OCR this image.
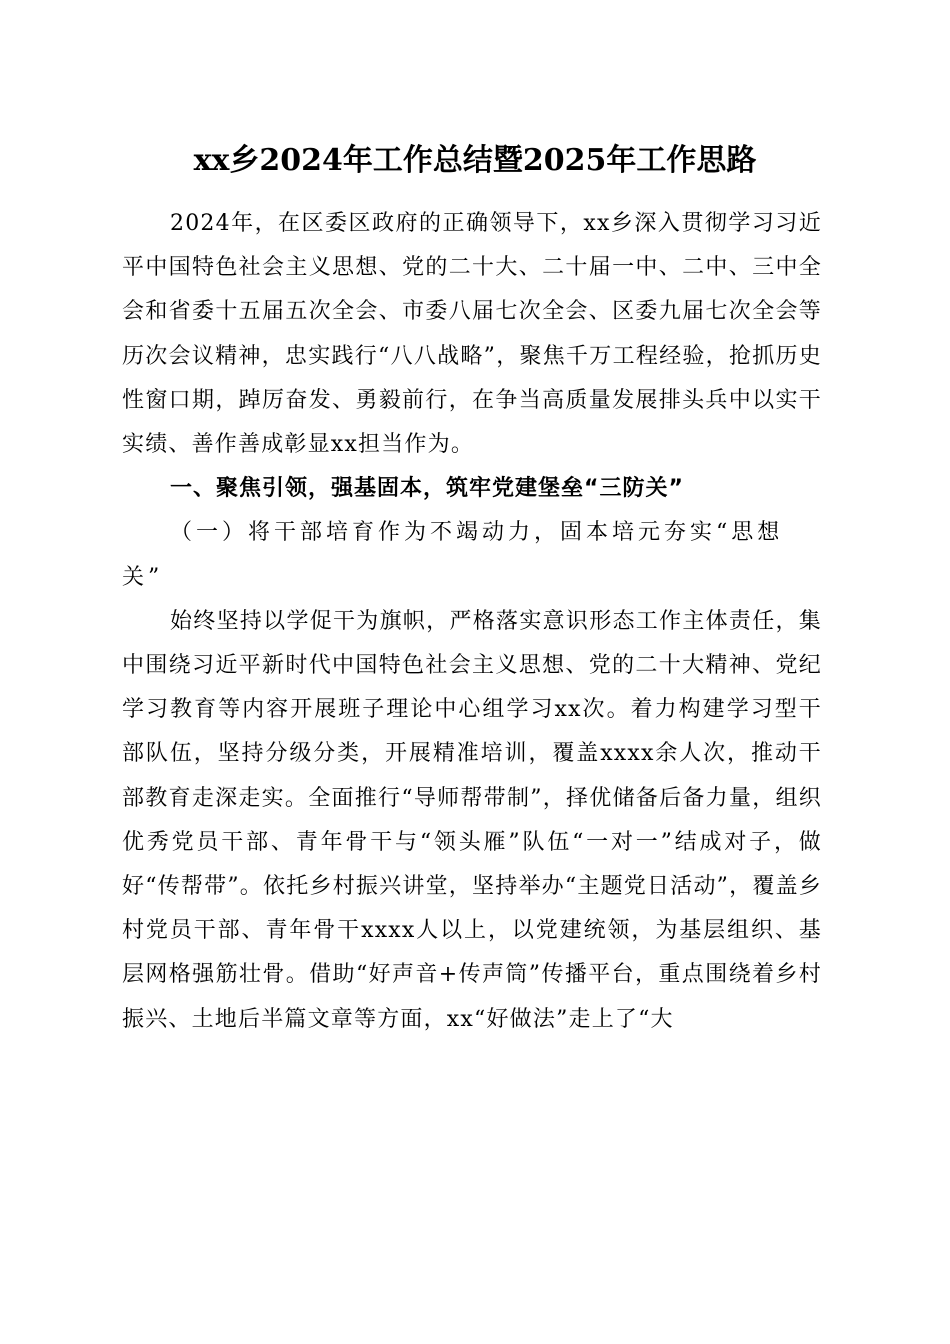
xx乡2024年工作总结暨2025年工作思路

2024年，在区委区政府的正确领导下，xx乡深入贯彻学习习近平中国特色社会主义思想、党的二十大、二十届一中、二中、三中全会和省委十五届五次全会、市委八届七次全会、区委九届七次全会等历次会议精神，忠实践行“八八战略”，聚焦千万工程经验，抢抓历史性窗口期，踔厉奋发、勇毅前行，在争当高质量发展排头兵中以实干实绩、善作善成彰显xx担当作为。

一、聚焦引领，强基固本，筑牢党建堡垒“三防关”

（一）将干部培育作为不竭动力，固本培元夯实“思想关”

始终坚持以学促干为旗帜，严格落实意识形态工作主体责任，集中围绕习近平新时代中国特色社会主义思想、党的二十大精神、党纪学习教育等内容开展班子理论中心组学习xx次。着力构建学习型干部队伍，坚持分级分类，开展精准培训，覆盖xxxx余人次，推动干部教育走深走实。全面推行“导师帮带制”，择优储备后备力量，组织优秀党员干部、青年骨干与“领头雁”队伍“一对一”结成对子，做好“传帮带”。依托乡村振兴讲堂，坚持举办“主题党日活动”，覆盖乡村党员干部、青年骨干xxxx人以上，以党建统领，为基层组织、基层网格强筋壮骨。借助“好声音+传声筒”传播平台，重点围绕着乡村振兴、土地后半篇文章等方面，xx“好做法”走上了“大
